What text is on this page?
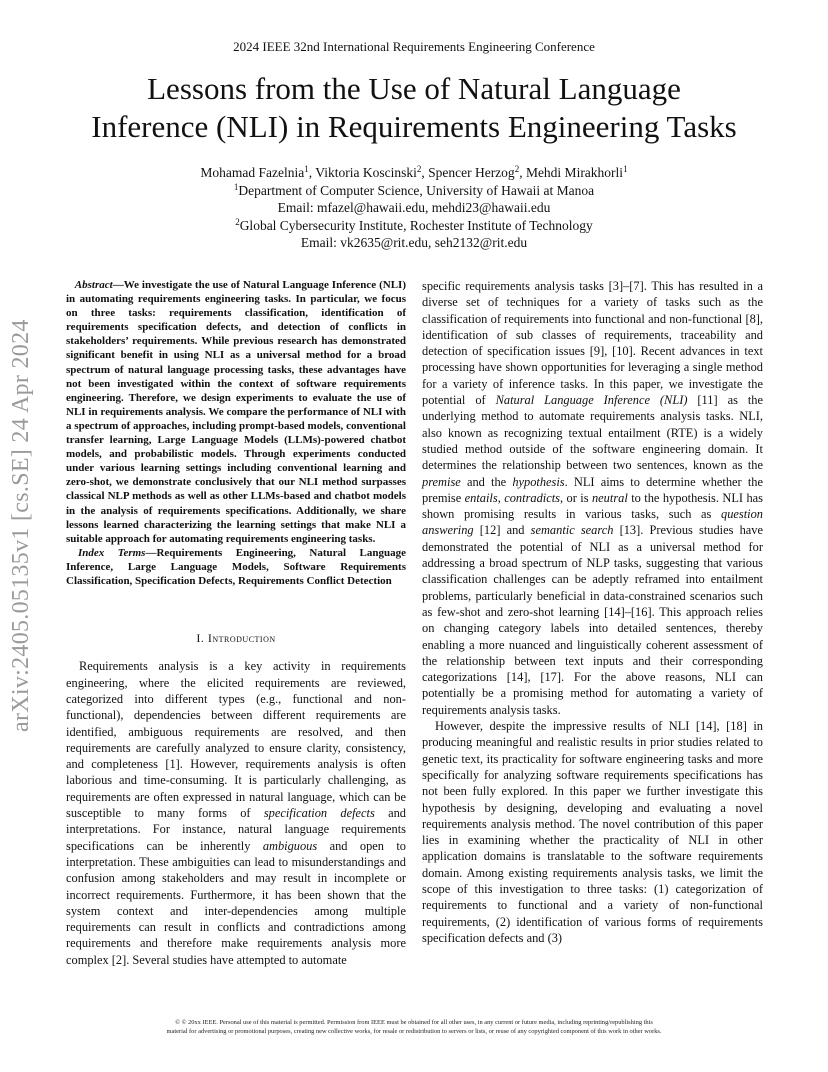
2024 IEEE 32nd International Requirements Engineering Conference
Lessons from the Use of Natural Language
Inference (NLI) in Requirements Engineering Tasks
Mohamad Fazelnia$^1$, Viktoria Koscinski$^2$, Spencer Herzog$^2$, Mehdi Mirakhorli$^1$
$^1$Department of Computer Science, University of Hawaii at Manoa
Email: mfazel@hawaii.edu, mehdi23@hawaii.edu
$^2$Global Cybersecurity Institute, Rochester Institute of Technology
Email: vk2635@rit.edu, seh2132@rit.edu
arXiv:2405.05135v1 [cs.SE] 24 Apr 2024

Abstract—We investigate the use of Natural Language Inference (NLI) in automating requirements engineering tasks. In particular, we focus on three tasks: requirements classification, identification of requirements specification defects, and detection of conflicts in stakeholders’ requirements. While previous research has demonstrated significant benefit in using NLI as a universal method for a broad spectrum of natural language processing tasks, these advantages have not been investigated within the context of software requirements engineering. Therefore, we design experiments to evaluate the use of NLI in requirements analysis. We compare the performance of NLI with a spectrum of approaches, including prompt-based models, conventional transfer learning, Large Language Models (LLMs)-powered chatbot models, and probabilistic models. Through experiments conducted under various learning settings including conventional learning and zero-shot, we demonstrate conclusively that our NLI method surpasses classical NLP methods as well as other LLMs-based and chatbot models in the analysis of requirements specifications. Additionally, we share lessons learned characterizing the learning settings that make NLI a suitable approach for automating requirements engineering tasks.

Index Terms—Requirements Engineering, Natural Language Inference, Large Language Models, Software Requirements Classification, Specification Defects, Requirements Conflict Detection

I. Introduction

Requirements analysis is a key activity in requirements engineering, where the elicited requirements are reviewed, categorized into different types (e.g., functional and non-functional), dependencies between different requirements are identified, ambiguous requirements are resolved, and then requirements are carefully analyzed to ensure clarity, consistency, and completeness [1]. However, requirements analysis is often laborious and time-consuming. It is particularly challenging, as requirements are often expressed in natural language, which can be susceptible to many forms of specification defects and interpretations. For instance, natural language requirements specifications can be inherently ambiguous and open to interpretation. These ambiguities can lead to misunderstandings and confusion among stakeholders and may result in incomplete or incorrect requirements. Furthermore, it has been shown that the system context and inter-dependencies among multiple requirements can result in conflicts and contradictions among requirements and therefore make requirements analysis more complex [2]. Several studies have attempted to automate

specific requirements analysis tasks [3]–[7]. This has resulted in a diverse set of techniques for a variety of tasks such as the classification of requirements into functional and non-functional [8], identification of sub classes of requirements, traceability and detection of specification issues [9], [10]. Recent advances in text processing have shown opportunities for leveraging a single method for a variety of inference tasks. In this paper, we investigate the potential of Natural Language Inference (NLI) [11] as the underlying method to automate requirements analysis tasks. NLI, also known as recognizing textual entailment (RTE) is a widely studied method outside of the software engineering domain. It determines the relationship between two sentences, known as the premise and the hypothesis. NLI aims to determine whether the premise entails, contradicts, or is neutral to the hypothesis. NLI has shown promising results in various tasks, such as question answering [12] and semantic search [13]. Previous studies have demonstrated the potential of NLI as a universal method for addressing a broad spectrum of NLP tasks, suggesting that various classification challenges can be adeptly reframed into entailment problems, particularly beneficial in data-constrained scenarios such as few-shot and zero-shot learning [14]–[16]. This approach relies on changing category labels into detailed sentences, thereby enabling a more nuanced and linguistically coherent assessment of the relationship between text inputs and their corresponding categorizations [14], [17]. For the above reasons, NLI can potentially be a promising method for automating a variety of requirements analysis tasks.

However, despite the impressive results of NLI [14], [18] in producing meaningful and realistic results in prior studies related to genetic text, its practicality for software engineering tasks and more specifically for analyzing software requirements specifications has not been fully explored. In this paper we further investigate this hypothesis by designing, developing and evaluating a novel requirements analysis method. The novel contribution of this paper lies in examining whether the practicality of NLI in other application domains is translatable to the software requirements domain. Among existing requirements analysis tasks, we limit the scope of this investigation to three tasks: (1) categorization of requirements to functional and a variety of non-functional requirements, (2) identification of various forms of requirements specification defects and (3)

© © 20xx IEEE. Personal use of this material is permitted. Permission from IEEE must be obtained for all other uses, in any current or future media, including reprinting/republishing this
material for advertising or promotional purposes, creating new collective works, for resale or redistribution to servers or lists, or reuse of any copyrighted component of this work in other works.
